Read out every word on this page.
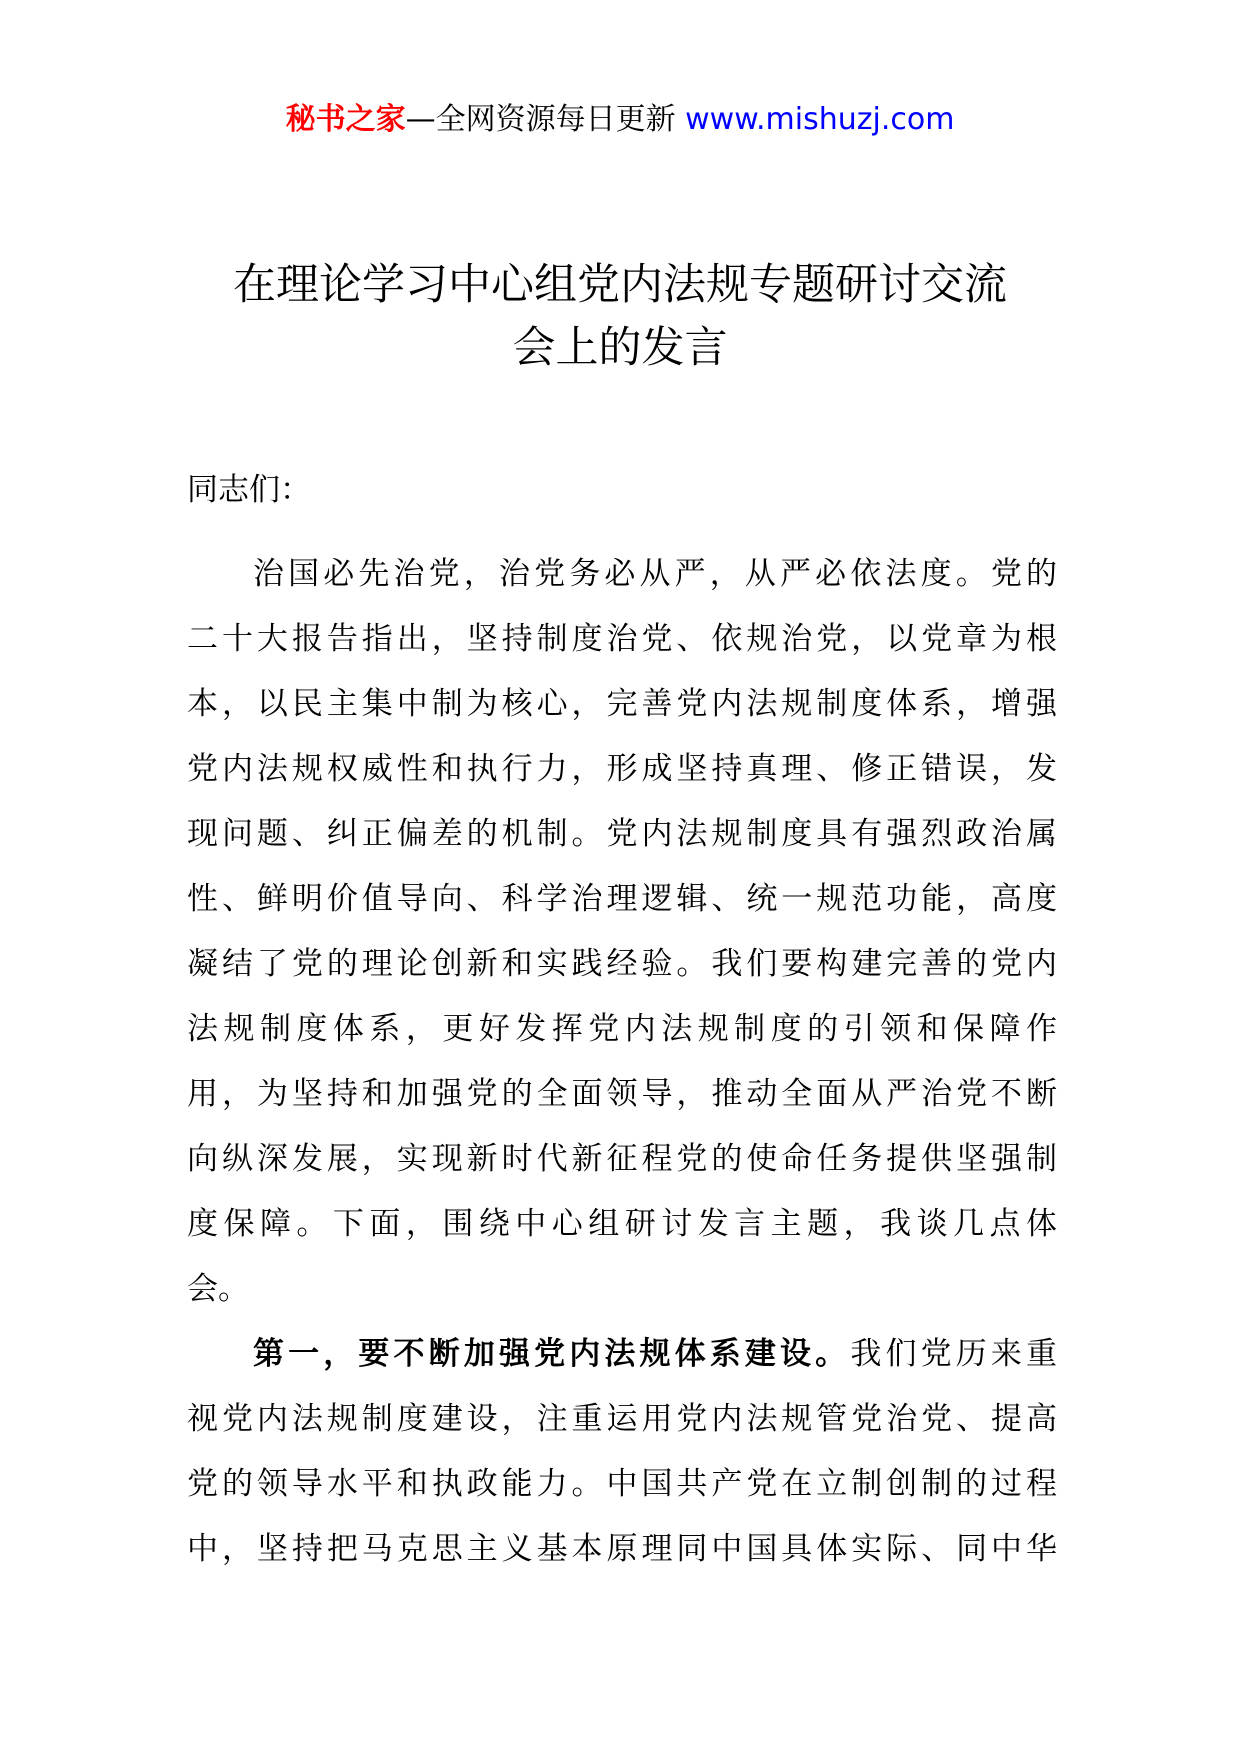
秘书之家—全网资源每日更新 www.mishuzj.com
在理论学习中心组党内法规专题研讨交流
会上的发言
同志们：
治国必先治党，治党务必从严，从严必依法度。党的
二十大报告指出，坚持制度治党、依规治党，以党章为根
本，以民主集中制为核心，完善党内法规制度体系，增强
党内法规权威性和执行力，形成坚持真理、修正错误，发
现问题、纠正偏差的机制。党内法规制度具有强烈政治属
性、鲜明价值导向、科学治理逻辑、统一规范功能，高度
凝结了党的理论创新和实践经验。我们要构建完善的党内
法规制度体系，更好发挥党内法规制度的引领和保障作
用，为坚持和加强党的全面领导，推动全面从严治党不断
向纵深发展，实现新时代新征程党的使命任务提供坚强制
度保障。下面，围绕中心组研讨发言主题，我谈几点体
会。
第一，要不断加强党内法规体系建设。我们党历来重
视党内法规制度建设，注重运用党内法规管党治党、提高
党的领导水平和执政能力。中国共产党在立制创制的过程
中，坚持把马克思主义基本原理同中国具体实际、同中华
